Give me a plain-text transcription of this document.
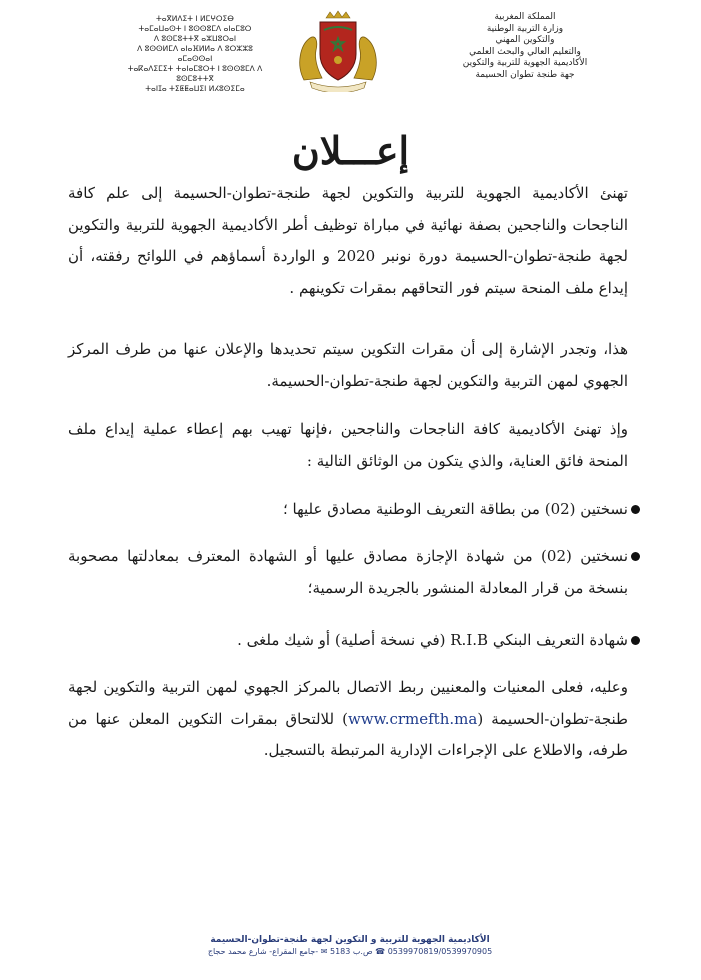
ⵜⴰⴳⵍⴷⵉⵜ ⵏ ⵍⵎⵖⵔⵉⴱ
ⵜⴰⵎⴰⵡⴰⵙⵜ ⵏ ⵓⵙⵙⵓⵎⴷ ⴰⵏⴰⵎⵓⵔ
ⴷ ⵓⵙⵎⵓⵜⵜⴳ ⴰⵣⵡⵓⵔⴰⵏ
ⴷ ⵓⵙⵙⵍⵎⴷ ⴰⵏⴰⴼⵍⵍⴰ ⴷ ⵓⵔⵣⵣⵓ ⴰⵎⴰⵙⵙⴰⵏ
ⵜⴰⴽⴰⴷⵉⵎⵉⵜ ⵜⴰⵏⴰⵎⵓⵔⵜ ⵏ ⵓⵙⵙⵓⵎⴷ ⴷ ⵓⵙⵎⵓⵜⵜⴳ
ⵜⴰⵏⵊⴰ ⵜⵉⵟⵟⴰⵡⵉⵏ ⵍⵃⵓⵙⵉⵎⴰ
المملكة المغربية
وزارة التربية الوطنية
والتكوين المهني
والتعليم العالي والبحث العلمي
الأكاديمية الجهوية للتربية والتكوين
جهة طنجة تطوان الحسيمة
إعـــلان
تهنئ الأكاديمية الجهوية للتربية والتكوين لجهة طنجة-تطوان-الحسيمة إلى علم كافة الناجحات والناجحين بصفة نهائية في مباراة توظيف أطر الأكاديمية الجهوية للتربية والتكوين لجهة طنجة-تطوان-الحسيمة دورة نونبر 2020 و الواردة أسماؤهم في اللوائح رفقته، أن إيداع ملف المنحة سيتم فور التحاقهم بمقرات تكوينهم .
هذا، وتجدر الإشارة إلى أن مقرات التكوين سيتم تحديدها والإعلان عنها من طرف المركز الجهوي لمهن التربية والتكوين لجهة طنجة-تطوان-الحسيمة.
وإذ تهنئ الأكاديمية كافة الناجحات والناجحين ،فإنها تهيب بهم إعطاء عملية إيداع ملف المنحة فائق العناية، والذي يتكون من الوثائق التالية :
نسختين (02) من بطاقة التعريف الوطنية مصادق عليها ؛
نسختين (02) من شهادة الإجازة مصادق عليها أو الشهادة المعترف بمعادلتها مصحوبة بنسخة من قرار المعادلة المنشور بالجريدة الرسمية؛
شهادة التعريف البنكي R.I.B (في نسخة أصلية) أو شيك ملغى .
وعليه، فعلى المعنيات والمعنيين ربط الاتصال بالمركز الجهوي لمهن التربية والتكوين لجهة طنجة-تطوان-الحسيمة (www.crmefth.ma) للالتحاق بمقرات التكوين المعلن عنها من طرفه، والاطلاع على الإجراءات الإدارية المرتبطة بالتسجيل.
الأكاديمية الجهوية للتربية و التكوين لجهة طنجة-تطوان-الحسيمة
0539970819/0539970905 ☎ ص.ب 5183 ✉ -جامع المقراع- شارع محمد حجاج
